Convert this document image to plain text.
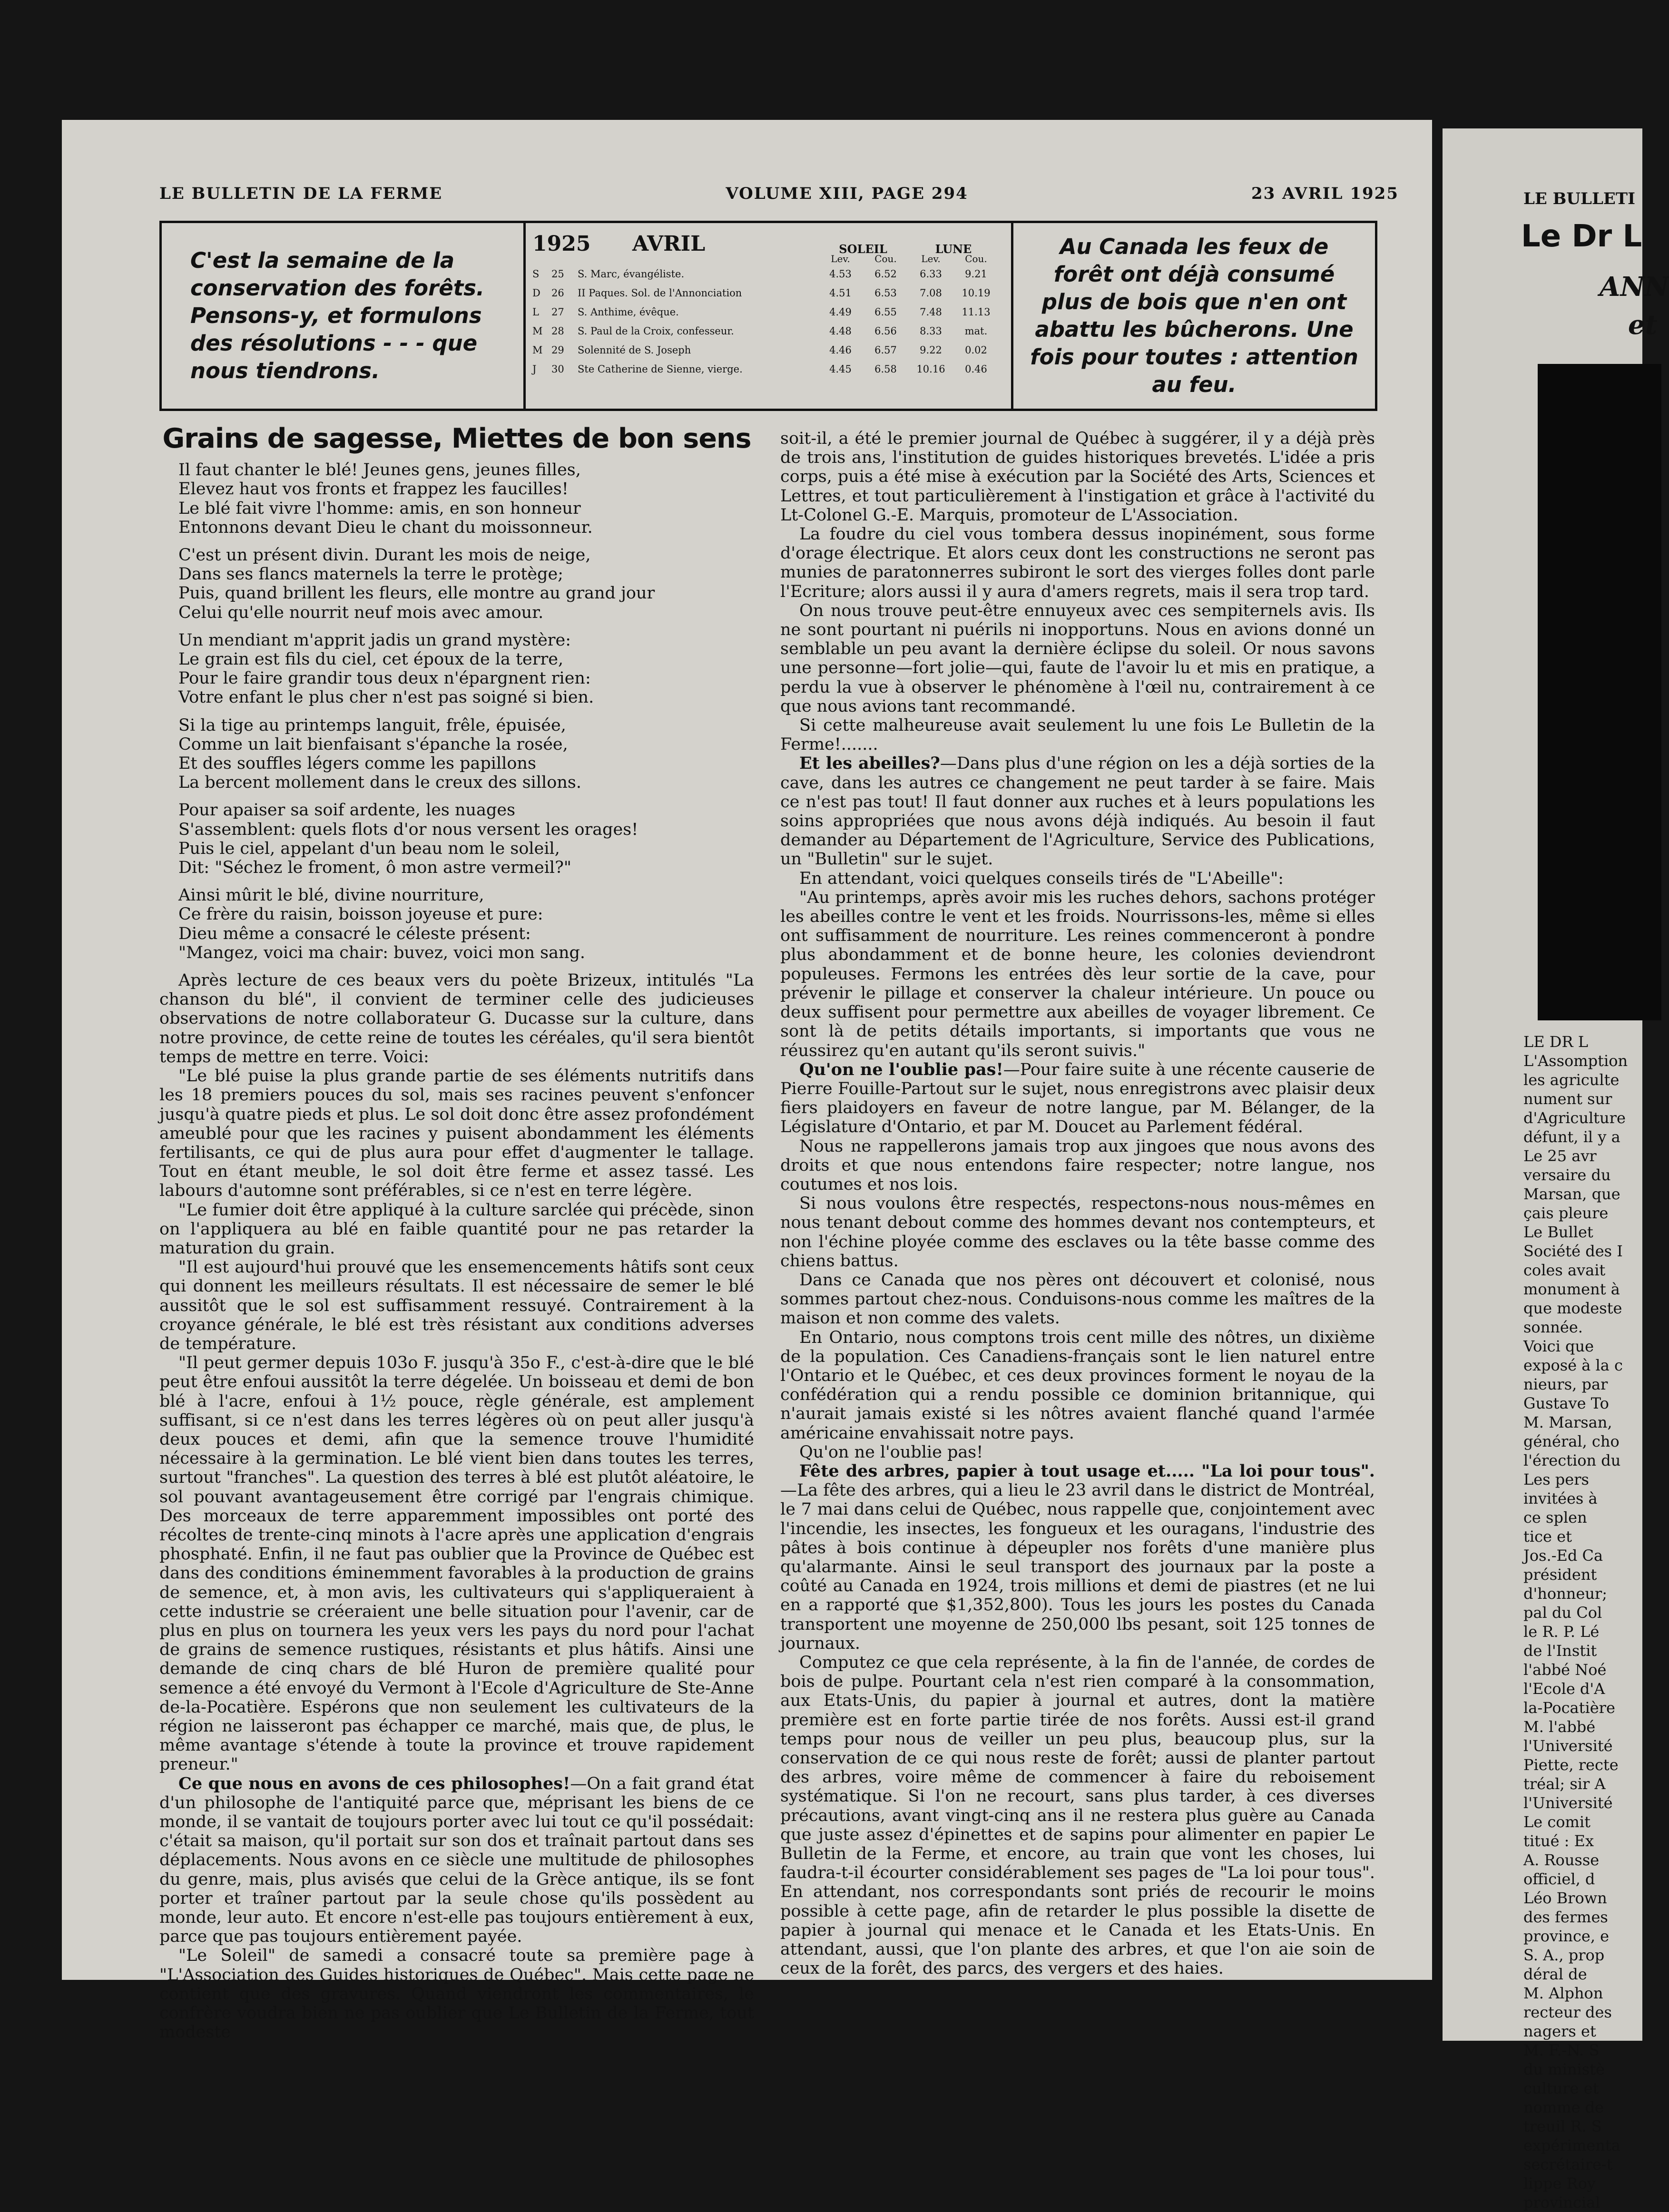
LE BULLETIN DE LA FERME	VOLUME XIII, PAGE 294	23 AVRIL 1925
C'est la semaine de la conservation des forêts. Pensons-y, et formulons des résolutions - - - que nous tiendrons.
1925	AVRIL	SOLEIL	LUNE
Lev.	Cou.	Lev.	Cou.
S	25	S. Marc, évangéliste.	4.53	6.52	6.33	9.21
D	26	II Paques. Sol. de l'Annonciation	4.51	6.53	7.08	10.19
L	27	S. Anthime, évêque.	4.49	6.55	7.48	11.13
M 28	S. Paul de la Croix, confesseur.	4.48	6.56	8.33	mat.
M 29	Solennité de S. Joseph	4.46	6.57	9.22	0.02
J	30	Ste Catherine de Sienne, vierge.	4.45	6.58	10.16	0.46
Au Canada les feux de forêt ont déjà consumé plus de bois que n'en ont abattu les bûcherons. Une fois pour toutes : attention au feu.
Grains de sagesse, Miettes de bon sens
Il faut chanter le blé! Jeunes gens, jeunes filles,
Elevez haut vos fronts et frappez les faucilles!
Le blé fait vivre l'homme: amis, en son honneur
Entonnons devant Dieu le chant du moissonneur.
C'est un présent divin. Durant les mois de neige,
Dans ses flancs maternels la terre le protège;
Puis, quand brillent les fleurs, elle montre au grand jour
Celui qu'elle nourrit neuf mois avec amour.
Un mendiant m'apprit jadis un grand mystère:
Le grain est fils du ciel, cet époux de la terre,
Pour le faire grandir tous deux n'épargnent rien:
Votre enfant le plus cher n'est pas soigné si bien.
Si la tige au printemps languit, frêle, épuisée,
Comme un lait bienfaisant s'épanche la rosée,
Et des souffles légers comme les papillons
La bercent mollement dans le creux des sillons.
Pour apaiser sa soif ardente, les nuages
S'assemblent: quels flots d'or nous versent les orages!
Puis le ciel, appelant d'un beau nom le soleil,
Dit: "Séchez le froment, ô mon astre vermeil?"
Ainsi mûrit le blé, divine nourriture,
Ce frère du raisin, boisson joyeuse et pure:
Dieu même a consacré le céleste présent:
"Mangez, voici ma chair: buvez, voici mon sang.

Après lecture de ces beaux vers du poète Brizeux, intitulés "La chanson du blé", il convient de terminer celle des judicieuses observations de notre collaborateur G. Ducasse sur la culture, dans notre province, de cette reine de toutes les céréales, qu'il sera bientôt temps de mettre en terre. Voici:

"Le blé puise la plus grande partie de ses éléments nutritifs dans les 18 premiers pouces du sol, mais ses racines peuvent s'enfoncer jusqu'à quatre pieds et plus. Le sol doit donc être assez profondément ameublé pour que les racines y puisent abondamment les éléments fertilisants, ce qui de plus aura pour effet d'augmenter le tallage. Tout en étant meuble, le sol doit être ferme et assez tassé. Les labours d'automne sont préférables, si ce n'est en terre légère.

"Le fumier doit être appliqué à la culture sarclée qui précède, sinon on l'appliquera au blé en faible quantité pour ne pas retarder la maturation du grain.

"Il est aujourd'hui prouvé que les ensemencements hâtifs sont ceux qui donnent les meilleurs résultats. Il est nécessaire de semer le blé aussitôt que le sol est suffisamment ressuyé. Contrairement à la croyance générale, le blé est très résistant aux conditions adverses de température.

"Il peut germer depuis 103o F. jusqu'à 35o F., c'est-à-dire que le blé peut être enfoui aussitôt la terre dégelée. Un boisseau et demi de bon blé à l'acre, enfoui à 1½ pouce, règle générale, est amplement suffisant, si ce n'est dans les terres légères où on peut aller jusqu'à deux pouces et demi, afin que la semence trouve l'humidité nécessaire à la germination. Le blé vient bien dans toutes les terres, surtout "franches". La question des terres à blé est plutôt aléatoire, le sol pouvant avantageusement être corrigé par l'engrais chimique. Des morceaux de terre apparemment impossibles ont porté des récoltes de trente-cinq minots à l'acre après une application d'engrais phosphaté. Enfin, il ne faut pas oublier que la Province de Québec est dans des conditions éminemment favorables à la production de grains de semence, et, à mon avis, les cultivateurs qui s'appliqueraient à cette industrie se créeraient une belle situation pour l'avenir, car de plus en plus on tournera les yeux vers les pays du nord pour l'achat de grains de semence rustiques, résistants et plus hâtifs. Ainsi une demande de cinq chars de blé Huron de première qualité pour semence a été envoyé du Vermont à l'Ecole d'Agriculture de Ste-Anne de-la-Pocatière. Espérons que non seulement les cultivateurs de la région ne laisseront pas échapper ce marché, mais que, de plus, le même avantage s'étende à toute la province et trouve rapidement preneur."

Ce que nous en avons de ces philosophes!—On a fait grand état d'un philosophe de l'antiquité parce que, méprisant les biens de ce monde, il se vantait de toujours porter avec lui tout ce qu'il possédait: c'était sa maison, qu'il portait sur son dos et traînait partout dans ses déplacements. Nous avons en ce siècle une multitude de philosophes du genre, mais, plus avisés que celui de la Grèce antique, ils se font porter et traîner partout par la seule chose qu'ils possèdent au monde, leur auto. Et encore n'est-elle pas toujours entièrement à eux, parce que pas toujours entièrement payée.

"Le Soleil" de samedi a consacré toute sa première page à "L'Association des Guides historiques de Québec". Mais cette page ne contient que des gravures. Quand viendront les commentaires, le confrère voudra bien ne pas oublier que Le Bulletin de la Ferme, tout modeste

soit-il, a été le premier journal de Québec à suggérer, il y a déjà près de trois ans, l'institution de guides historiques brevetés. L'idée a pris corps, puis a été mise à exécution par la Société des Arts, Sciences et Lettres, et tout particulièrement à l'instigation et grâce à l'activité du Lt-Colonel G.-E. Marquis, promoteur de L'Association.

La foudre du ciel vous tombera dessus inopinément, sous forme d'orage électrique. Et alors ceux dont les constructions ne seront pas munies de paratonnerres subiront le sort des vierges folles dont parle l'Ecriture; alors aussi il y aura d'amers regrets, mais il sera trop tard.

On nous trouve peut-être ennuyeux avec ces sempiternels avis. Ils ne sont pourtant ni puérils ni inopportuns. Nous en avions donné un semblable un peu avant la dernière éclipse du soleil. Or nous savons une personne—fort jolie—qui, faute de l'avoir lu et mis en pratique, a perdu la vue à observer le phénomène à l'œil nu, contrairement à ce que nous avions tant recommandé.

Si cette malheureuse avait seulement lu une fois Le Bulletin de la Ferme!.......

Et les abeilles?—Dans plus d'une région on les a déjà sorties de la cave, dans les autres ce changement ne peut tarder à se faire. Mais ce n'est pas tout! Il faut donner aux ruches et à leurs populations les soins appropriées que nous avons déjà indiqués. Au besoin il faut demander au Département de l'Agriculture, Service des Publications, un "Bulletin" sur le sujet.

En attendant, voici quelques conseils tirés de "L'Abeille":

"Au printemps, après avoir mis les ruches dehors, sachons protéger les abeilles contre le vent et les froids. Nourrissons-les, même si elles ont suffisamment de nourriture. Les reines commenceront à pondre plus abondamment et de bonne heure, les colonies deviendront populeuses. Fermons les entrées dès leur sortie de la cave, pour prévenir le pillage et conserver la chaleur intérieure. Un pouce ou deux suffisent pour permettre aux abeilles de voyager librement. Ce sont là de petits détails importants, si importants que vous ne réussirez qu'en autant qu'ils seront suivis."

Qu'on ne l'oublie pas!—Pour faire suite à une récente causerie de Pierre Fouille-Partout sur le sujet, nous enregistrons avec plaisir deux fiers plaidoyers en faveur de notre langue, par M. Bélanger, de la Législature d'Ontario, et par M. Doucet au Parlement fédéral.

Nous ne rappellerons jamais trop aux jingoes que nous avons des droits et que nous entendons faire respecter; notre langue, nos coutumes et nos lois.

Si nous voulons être respectés, respectons-nous nous-mêmes en nous tenant debout comme des hommes devant nos contempteurs, et non l'échine ployée comme des esclaves ou la tête basse comme des chiens battus.

Dans ce Canada que nos pères ont découvert et colonisé, nous sommes partout chez-nous. Conduisons-nous comme les maîtres de la maison et non comme des valets.

En Ontario, nous comptons trois cent mille des nôtres, un dixième de la population. Ces Canadiens-français sont le lien naturel entre l'Ontario et le Québec, et ces deux provinces forment le noyau de la confédération qui a rendu possible ce dominion britannique, qui n'aurait jamais existé si les nôtres avaient flanché quand l'armée américaine envahissait notre pays.

Qu'on ne l'oublie pas!

Fête des arbres, papier à tout usage et..... "La loi pour tous".—La fête des arbres, qui a lieu le 23 avril dans le district de Montréal, le 7 mai dans celui de Québec, nous rappelle que, conjointement avec l'incendie, les insectes, les fongueux et les ouragans, l'industrie des pâtes à bois continue à dépeupler nos forêts d'une manière plus qu'alarmante. Ainsi le seul transport des journaux par la poste a coûté au Canada en 1924, trois millions et demi de piastres (et ne lui en a rapporté que $1,352,800). Tous les jours les postes du Canada transportent une moyenne de 250,000 lbs pesant, soit 125 tonnes de journaux.

Computez ce que cela représente, à la fin de l'année, de cordes de bois de pulpe. Pourtant cela n'est rien comparé à la consommation, aux Etats-Unis, du papier à journal et autres, dont la matière première est en forte partie tirée de nos forêts. Aussi est-il grand temps pour nous de veiller un peu plus, beaucoup plus, sur la conservation de ce qui nous reste de forêt; aussi de planter partout des arbres, voire même de commencer à faire du reboisement systématique. Si l'on ne recourt, sans plus tarder, à ces diverses précautions, avant vingt-cinq ans il ne restera plus guère au Canada que juste assez d'épinettes et de sapins pour alimenter en papier Le Bulletin de la Ferme, et encore, au train que vont les choses, lui faudra-t-il écourter considérablement ses pages de "La loi pour tous". En attendant, nos correspondants sont priés de recourir le moins possible à cette page, afin de retarder le plus possible la disette de papier à journal qui menace et le Canada et les Etats-Unis. En attendant, aussi, que l'on plante des arbres, et que l'on aie soin de ceux de la forêt, des parcs, des vergers et des haies.

LE BULLETI
Le Dr L
ANN
et
LE DR L
L'Assomption
les agriculte
nument sur
d'Agriculture
défunt, il y a
Le 25 avr
versaire du
Marsan, que
çais pleure
Le Bullet
Société des I
coles avait
monument à
que modeste
sonnée.
Voici que
exposé à la c
nieurs, par
Gustave To
M. Marsan,
général, cho
l'érection du
Les pers
invitées à
ce splen
tice et
Jos.-Ed Ca
président
d'honneur;
pal du Col
le R. P. Lé
de l'Instit
l'abbé Noé
l'Ecole d'A
la-Pocatière
M. l'abbé
l'Université
Piette, recte
tréal; sir A
l'Université
Le comit
titué : Ex
A. Rousse
officiel, d
Léo Brown
des fermes
province, e
S. A., prop
déral de
M. Alphon
recteur des
nagers et
M. F.-N. S
du ministè
culture et
nomme de
treuil R. S
expérimenta
secrétaire-t
lippe Roy
provincial
